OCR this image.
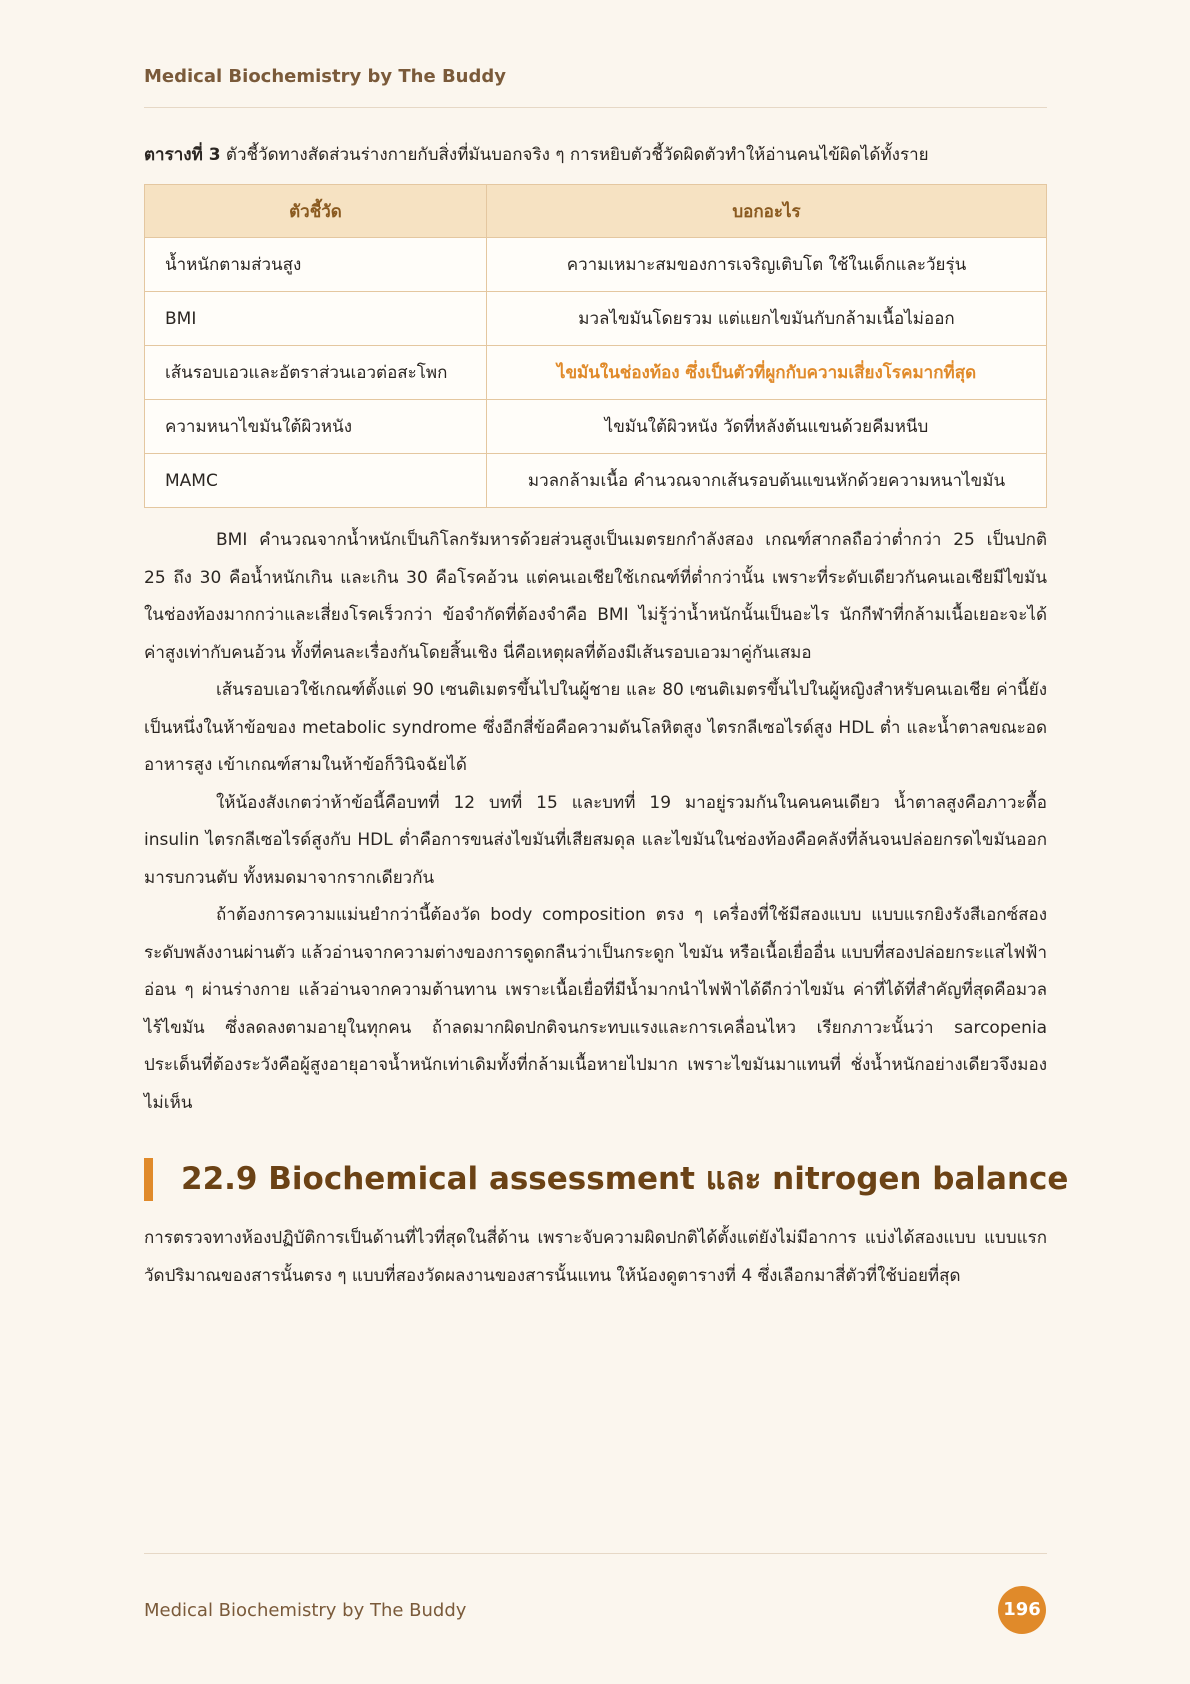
Medical Biochemistry by The Buddy
ตารางที่ 3 ตัวชี้วัดทางสัดส่วนร่างกายกับสิ่งที่มันบอกจริง ๆ การหยิบตัวชี้วัดผิดตัวทำให้อ่านคนไข้ผิดได้ทั้งราย
ตัวชี้วัด	บอกอะไร
น้ำหนักตามส่วนสูง	ความเหมาะสมของการเจริญเติบโต ใช้ในเด็กและวัยรุ่น
BMI	มวลไขมันโดยรวม แต่แยกไขมันกับกล้ามเนื้อไม่ออก
เส้นรอบเอวและอัตราส่วนเอวต่อสะโพก	ไขมันในช่องท้อง ซึ่งเป็นตัวที่ผูกกับความเสี่ยงโรคมากที่สุด
ความหนาไขมันใต้ผิวหนัง	ไขมันใต้ผิวหนัง วัดที่หลังต้นแขนด้วยคีมหนีบ
MAMC	มวลกล้ามเนื้อ คำนวณจากเส้นรอบต้นแขนหักด้วยความหนาไขมัน

BMI คำนวณจากน้ำหนักเป็นกิโลกรัมหารด้วยส่วนสูงเป็นเมตรยกกำลังสอง เกณฑ์สากลถือว่าต่ำกว่า 25 เป็นปกติ 25 ถึง 30 คือน้ำหนักเกิน และเกิน 30 คือโรคอ้วน แต่คนเอเชียใช้เกณฑ์ที่ต่ำกว่านั้น เพราะที่ระดับเดียวกันคนเอเชียมีไขมันในช่องท้องมากกว่าและเสี่ยงโรคเร็วกว่า ข้อจำกัดที่ต้องจำคือ BMI ไม่รู้ว่าน้ำหนักนั้นเป็นอะไร นักกีฬาที่กล้ามเนื้อเยอะจะได้ค่าสูงเท่ากับคนอ้วน ทั้งที่คนละเรื่องกันโดยสิ้นเชิง นี่คือเหตุผลที่ต้องมีเส้นรอบเอวมาคู่กันเสมอ

เส้นรอบเอวใช้เกณฑ์ตั้งแต่ 90 เซนติเมตรขึ้นไปในผู้ชาย และ 80 เซนติเมตรขึ้นไปในผู้หญิงสำหรับคนเอเชีย ค่านี้ยังเป็นหนึ่งในห้าข้อของ metabolic syndrome ซึ่งอีกสี่ข้อคือความดันโลหิตสูง ไตรกลีเซอไรด์สูง HDL ต่ำ และน้ำตาลขณะอดอาหารสูง เข้าเกณฑ์สามในห้าข้อก็วินิจฉัยได้

ให้น้องสังเกตว่าห้าข้อนี้คือบทที่ 12 บทที่ 15 และบทที่ 19 มาอยู่รวมกันในคนคนเดียว น้ำตาลสูงคือภาวะดื้อ insulin ไตรกลีเซอไรด์สูงกับ HDL ต่ำคือการขนส่งไขมันที่เสียสมดุล และไขมันในช่องท้องคือคลังที่ล้นจนปล่อยกรดไขมันออกมารบกวนตับ ทั้งหมดมาจากรากเดียวกัน

ถ้าต้องการความแม่นยำกว่านี้ต้องวัด body composition ตรง ๆ เครื่องที่ใช้มีสองแบบ แบบแรกยิงรังสีเอกซ์สองระดับพลังงานผ่านตัว แล้วอ่านจากความต่างของการดูดกลืนว่าเป็นกระดูก ไขมัน หรือเนื้อเยื่ออื่น แบบที่สองปล่อยกระแสไฟฟ้าอ่อน ๆ ผ่านร่างกาย แล้วอ่านจากความต้านทาน เพราะเนื้อเยื่อที่มีน้ำมากนำไฟฟ้าได้ดีกว่าไขมัน ค่าที่ได้ที่สำคัญที่สุดคือมวลไร้ไขมัน ซึ่งลดลงตามอายุในทุกคน ถ้าลดมากผิดปกติจนกระทบแรงและการเคลื่อนไหว เรียกภาวะนั้นว่า sarcopenia ประเด็นที่ต้องระวังคือผู้สูงอายุอาจน้ำหนักเท่าเดิมทั้งที่กล้ามเนื้อหายไปมาก เพราะไขมันมาแทนที่ ชั่งน้ำหนักอย่างเดียวจึงมองไม่เห็น

22.9 Biochemical assessment และ nitrogen balance

การตรวจทางห้องปฏิบัติการเป็นด้านที่ไวที่สุดในสี่ด้าน เพราะจับความผิดปกติได้ตั้งแต่ยังไม่มีอาการ แบ่งได้สองแบบ แบบแรกวัดปริมาณของสารนั้นตรง ๆ แบบที่สองวัดผลงานของสารนั้นแทน ให้น้องดูตารางที่ 4 ซึ่งเลือกมาสี่ตัวที่ใช้บ่อยที่สุด

Medical Biochemistry by The Buddy	196
